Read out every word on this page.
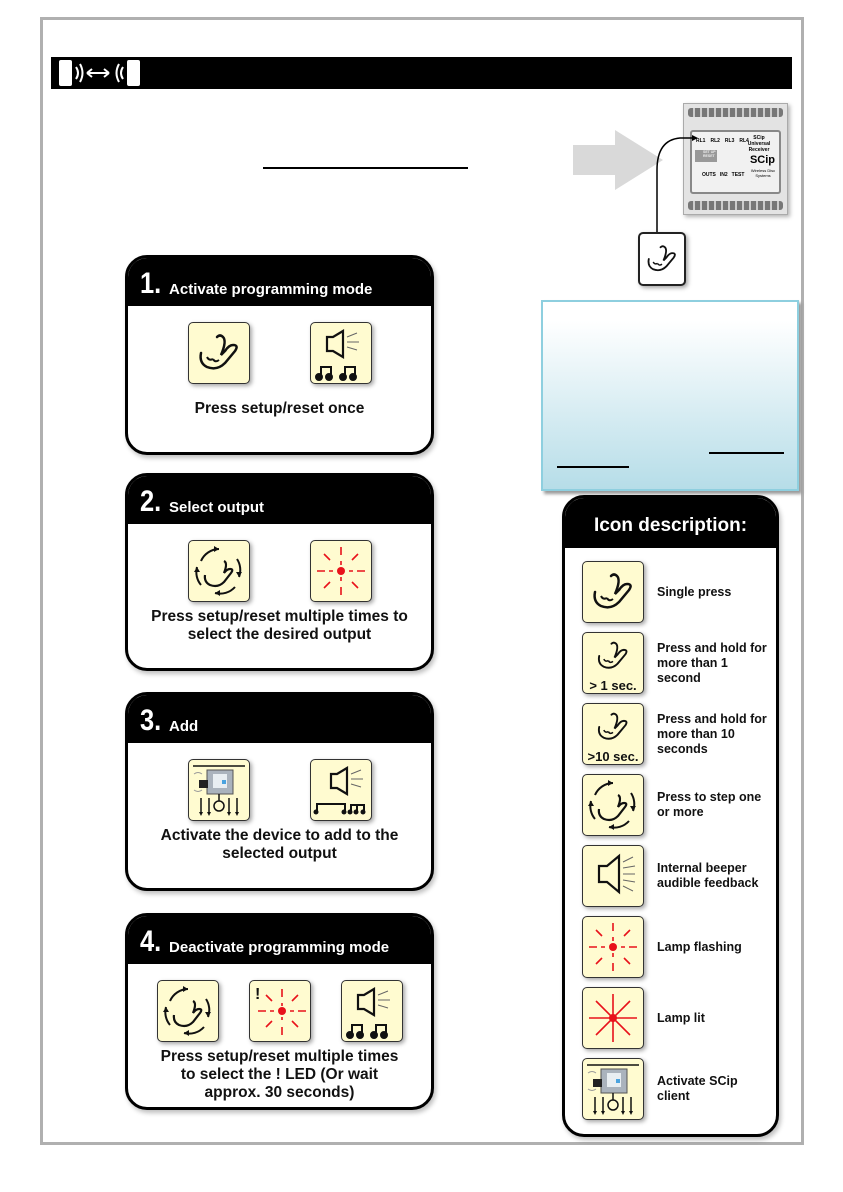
RL1 RL2 RL3 RL4 SCip Universal Receiver
SCip
Wireless Disc Systems
SET UP RESET
OUTS IN2 TEST
1. Activate programming mode
Press setup/reset once
2. Select output
Press setup/reset multiple times to select the desired output
3. Add
Activate the device to add to the selected output
4. Deactivate programming mode
!
Press setup/reset multiple times to select the ! LED (Or wait approx. 30 seconds)
Icon description:
Single press
> 1 sec.
Press and hold for more than 1 second
>10 sec.
Press and hold for more than 10 seconds
Press to step one or more
Internal beeper audible feedback
Lamp flashing
Lamp lit
Activate SCip client
